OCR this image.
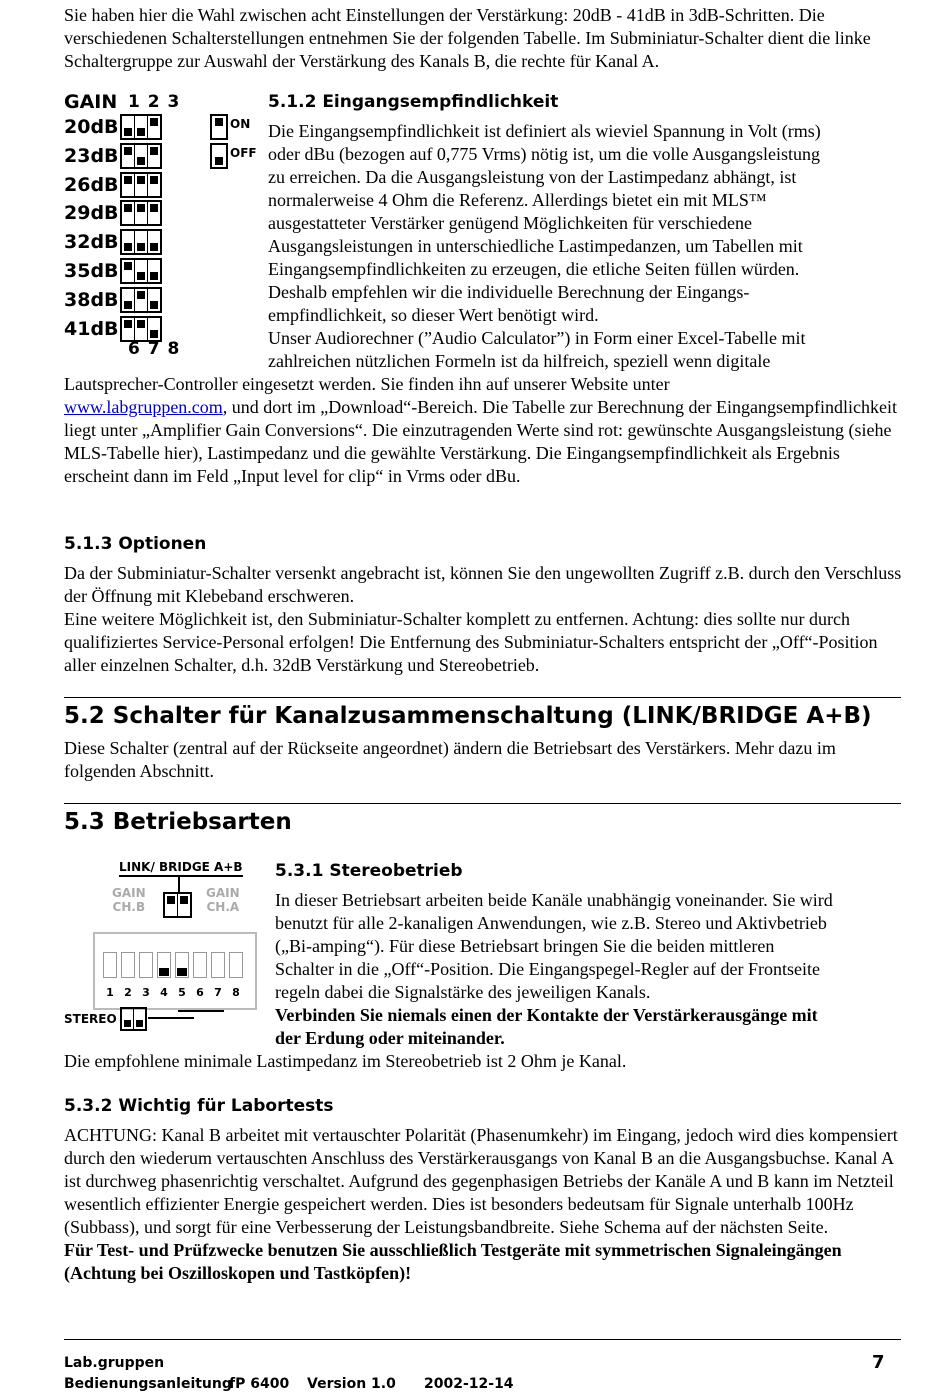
Sie haben hier die Wahl zwischen acht Einstellungen der Verstärkung: 20dB - 41dB in 3dB-Schritten. Die verschiedenen Schalterstellungen entnehmen Sie der folgenden Tabelle. Im Subminiatur-Schalter dient die linke Schaltergruppe zur Auswahl der Verstärkung des Kanals B, die rechte für Kanal A.
GAIN 1 2 3
20dB
23dB
26dB
29dB
32dB
35dB
38dB
41dB
6 7 8
ON
OFF
5.1.2 Eingangsempfindlichkeit
Die Eingangsempfindlichkeit ist definiert als wieviel Spannung in Volt (rms)
oder dBu (bezogen auf 0,775 Vrms) nötig ist, um die volle Ausgangsleistung
zu erreichen. Da die Ausgangsleistung von der Lastimpedanz abhängt, ist
normalerweise 4 Ohm die Referenz. Allerdings bietet ein mit MLS™
ausgestatteter Verstärker genügend Möglichkeiten für verschiedene
Ausgangsleistungen in unterschiedliche Lastimpedanzen, um Tabellen mit
Eingangsempfindlichkeiten zu erzeugen, die etliche Seiten füllen würden.
Deshalb empfehlen wir die individuelle Berechnung der Eingangs-
empfindlichkeit, so dieser Wert benötigt wird.
Unser Audiorechner (”Audio Calculator”) in Form einer Excel-Tabelle mit
zahlreichen nützlichen Formeln ist da hilfreich, speziell wenn digitale
Lautsprecher-Controller eingesetzt werden. Sie finden ihn auf unserer Website unter
www.labgruppen.com, und dort im „Download“-Bereich. Die Tabelle zur Berechnung der Eingangsempfindlichkeit liegt unter „Amplifier Gain Conversions“. Die einzutragenden Werte sind rot: gewünschte Ausgangsleistung (siehe MLS-Tabelle hier), Lastimpedanz und die gewählte Verstärkung. Die Eingangsempfindlichkeit als Ergebnis erscheint dann im Feld „Input level for clip“ in Vrms oder dBu.
5.1.3 Optionen
Da der Subminiatur-Schalter versenkt angebracht ist, können Sie den ungewollten Zugriff z.B. durch den Verschluss der Öffnung mit Klebeband erschweren.
Eine weitere Möglichkeit ist, den Subminiatur-Schalter komplett zu entfernen. Achtung: dies sollte nur durch qualifiziertes Service-Personal erfolgen! Die Entfernung des Subminiatur-Schalters entspricht der „Off“-Position aller einzelnen Schalter, d.h. 32dB Verstärkung und Stereobetrieb.
5.2 Schalter für Kanalzusammenschaltung (LINK/BRIDGE A+B)
Diese Schalter (zentral auf der Rückseite angeordnet) ändern die Betriebsart des Verstärkers. Mehr dazu im folgenden Abschnitt.
5.3 Betriebsarten
LINK/ BRIDGE A+B
GAIN
CH.B
GAIN
CH.A
1 2 3 4 5 6 7 8
STEREO
5.3.1 Stereobetrieb
In dieser Betriebsart arbeiten beide Kanäle unabhängig voneinander. Sie wird
benutzt für alle 2-kanaligen Anwendungen, wie z.B. Stereo und Aktivbetrieb
(„Bi-amping“). Für diese Betriebsart bringen Sie die beiden mittleren
Schalter in die „Off“-Position. Die Eingangspegel-Regler auf der Frontseite
regeln dabei die Signalstärke des jeweiligen Kanals.
Verbinden Sie niemals einen der Kontakte der Verstärkerausgänge mit
der Erdung oder miteinander.
Die empfohlene minimale Lastimpedanz im Stereobetrieb ist 2 Ohm je Kanal.
5.3.2 Wichtig für Labortests
ACHTUNG: Kanal B arbeitet mit vertauschter Polarität (Phasenumkehr) im Eingang, jedoch wird dies kompensiert durch den wiederum vertauschten Anschluss des Verstärkerausgangs von Kanal B an die Ausgangsbuchse. Kanal A ist durchweg phasenrichtig verschaltet. Aufgrund des gegenphasigen Betriebs der Kanäle A und B kann im Netzteil wesentlich effizienter Energie gespeichert werden. Dies ist besonders bedeutsam für Signale unterhalb 100Hz (Subbass), und sorgt für eine Verbesserung der Leistungsbandbreite. Siehe Schema auf der nächsten Seite.
Für Test- und Prüfzwecke benutzen Sie ausschließlich Testgeräte mit symmetrischen Signaleingängen (Achtung bei Oszilloskopen und Tastköpfen)!
Lab.gruppen	7
Bedienungsanleitung
fP 6400 Version 1.0 2002-12-14
